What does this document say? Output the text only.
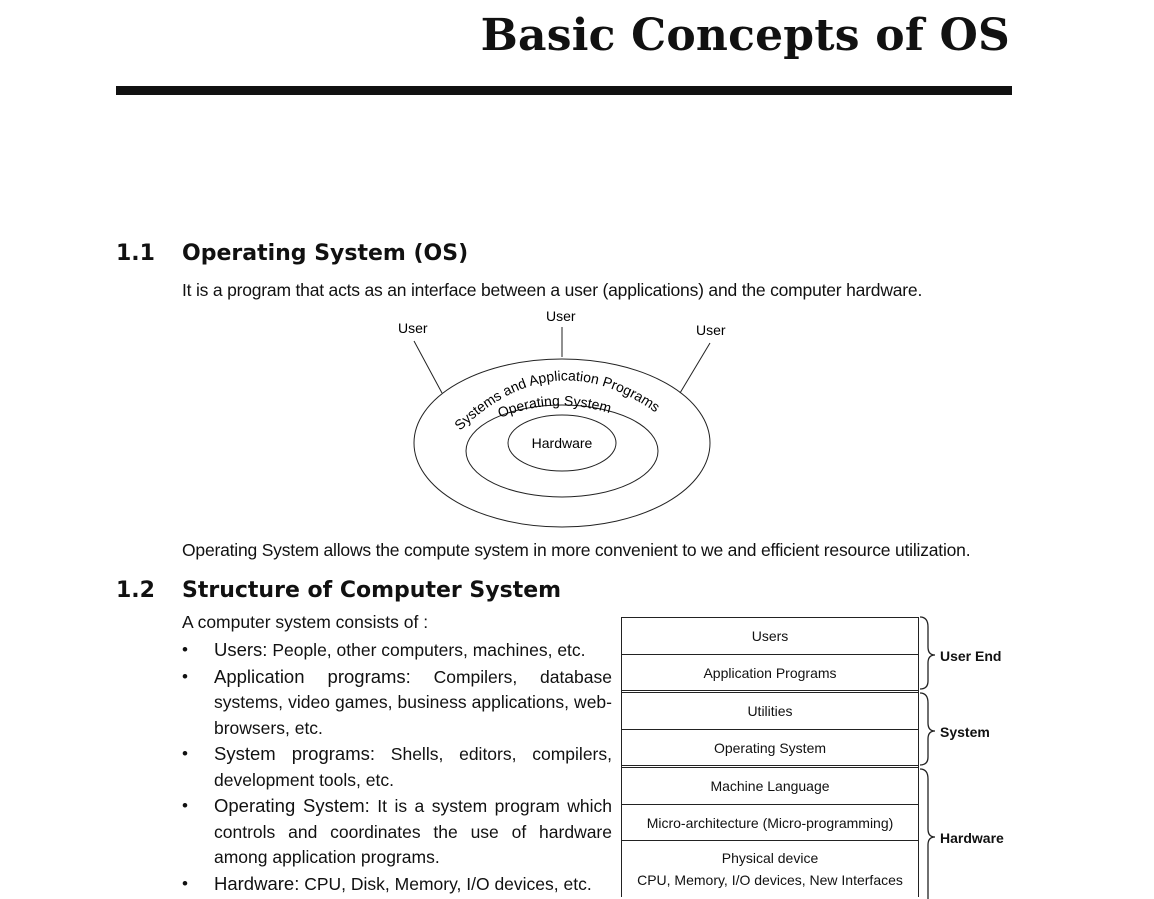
Basic Concepts of OS
1.1 Operating System (OS)

It is a program that acts as an interface between a user (applications) and the computer hardware.

User
User
User
Systems and Application Programs
Operating System
Hardware

Operating System allows the compute system in more convenient to we and efficient resource utilization.

1.2 Structure of Computer System

A computer system consists of :

• Users: People, other computers, machines, etc.
• Application programs: Compilers, database systems, video games, business applications, web-browsers, etc.
• System programs: Shells, editors, compilers, development tools, etc.
• Operating System: It is a system program which controls and coordinates the use of hardware among application programs.
• Hardware: CPU, Disk, Memory, I/O devices, etc.
Users
Application Programs
Utilities
Operating System
Machine Language
Micro-architecture (Micro-programming)
Physical device
CPU, Memory, I/O devices, New Interfaces

User End

System

Hardware
